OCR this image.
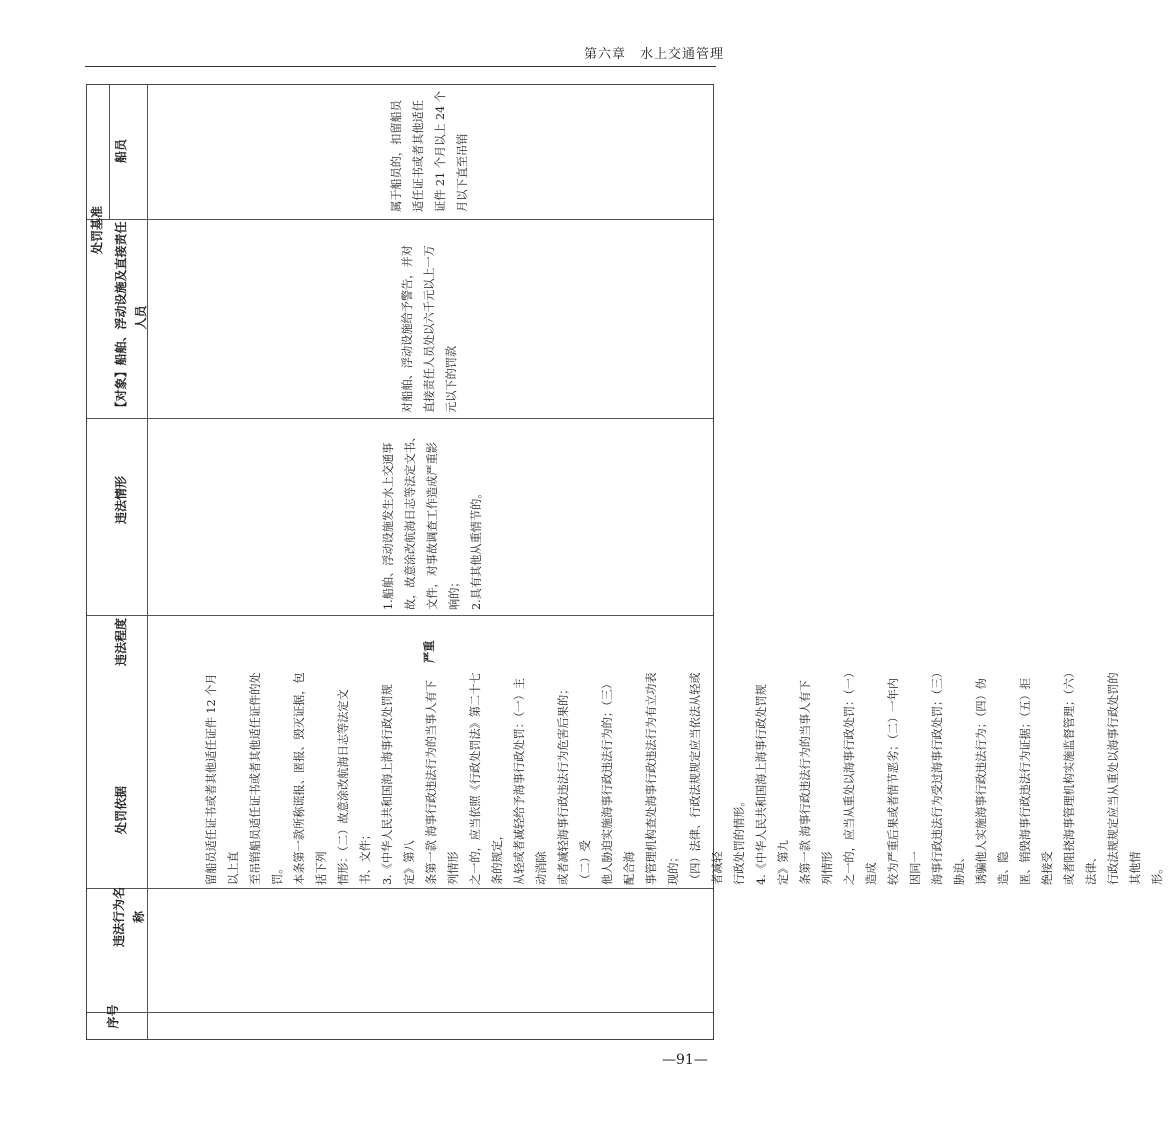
第六章　水上交通管理
序号
违法行为名称
处罚依据
违法程度
违法情形
处罚基准 【对象】船舶、浮动设施及直接责任人员
船员
留船员适任证书或者其他适任证件 12 个月以上直 至吊销船员适任证书或者其他适任证件的处罚。 本条第一款所称谎报、匿报、毁灭证据，包括下列 情形：（二）故意涂改航海日志等法定文书、文件； 3.《中华人民共和国海上海事行政处罚规定》第八 条第一款 海事行政违法行为的当事人有下列情形 之一的，应当依照《行政处罚法》第二十七条的规定， 从轻或者减轻给予海事行政处罚：（一）主动消除 或者减轻海事行政违法行为危害后果的；（二）受 他人胁迫实施海事行政违法行为的；（三）配合海 事管理机构查处海事行政违法行为有立功表现的； （四）法律、行政法规规定应当依法从轻或者减轻 行政处罚的情形。 4.《中华人民共和国海上海事行政处罚规定》第九 条第一款 海事行政违法行为的当事人有下列情形 之一的，应当从重处以海事行政处罚：（一）造成 较为严重后果或者情节恶劣；（二）一年内因同一 海事行政违法行为受过海事行政处罚；（三）胁迫、 诱骗他人实施海事行政违法行为；（四）伪造、隐 匿、销毁海事行政违法行为证据；（五）拒绝接受 或者阻挠海事管理机构实施监督管理；（六）法律、 行政法规规定应当从重处以海事行政处罚的其他情 形。
严重
1.船舶、浮动设施发生水上交通事 故，故意涂改航海日志等法定文书、 文件，对事故调查工作造成严重影 响的； 2.具有其他从重情节的。
对船舶、浮动设施给予警告，并对 直接责任人员处以六千元以上一万 元以下的罚款
属于船员的，扣留船员 适任证书或者其他适任 证件 21 个月以上 24 个 月以下直至吊销
—91—
